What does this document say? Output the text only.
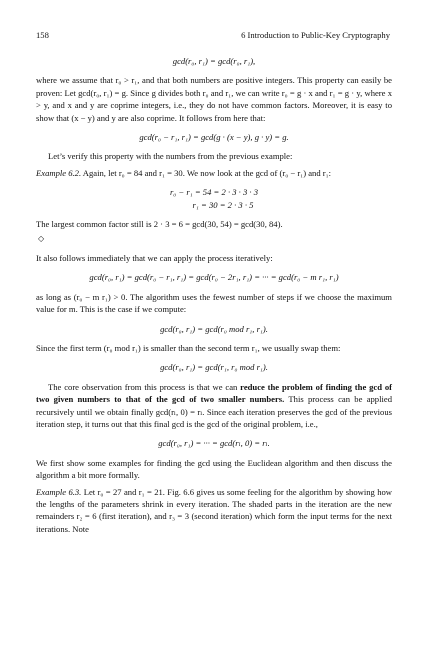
158	6 Introduction to Public-Key Cryptography
gcd(r₀, r₁) = gcd(r₀, r₁),

where we assume that r₀ > r₁, and that both numbers are positive integers. This property can easily be proven: Let gcd(r₀, r₁) = g. Since g divides both r₀ and r₁, we can write r₀ = g · x and r₁ = g · y, where x > y, and x and y are coprime integers, i.e., they do not have common factors. Moreover, it is easy to show that (x − y) and y are also coprime. It follows from here that:

gcd(r₀ − r₁, r₁) = gcd(g · (x − y), g · y) = g.

Let’s verify this property with the numbers from the previous example:

Example 6.2. Again, let r₀ = 84 and r₁ = 30. We now look at the gcd of (r₀ − r₁) and r₁:

r₀ − r₁ = 54 = 2 · 3 · 3 · 3
r₁ = 30 = 2 · 3 · 5

The largest common factor still is 2 · 3 = 6 = gcd(30, 54) = gcd(30, 84).

◇

It also follows immediately that we can apply the process iteratively:

gcd(r₀, r₁) = gcd(r₀ − r₁, r₁) = gcd(r₀ − 2r₁, r₁) = ··· = gcd(r₀ − m r₁, r₁)

as long as (r₀ − m r₁) > 0. The algorithm uses the fewest number of steps if we choose the maximum value for m. This is the case if we compute:

gcd(r₀, r₁) = gcd(r₀ mod r₁, r₁).

Since the first term (r₀ mod r₁) is smaller than the second term r₁, we usually swap them:

gcd(r₀, r₁) = gcd(r₁, r₀ mod r₁).

The core observation from this process is that we can reduce the problem of finding the gcd of two given numbers to that of the gcd of two smaller numbers. This process can be applied recursively until we obtain finally gcd(rₗ, 0) = rₗ. Since each iteration preserves the gcd of the previous iteration step, it turns out that this final gcd is the gcd of the original problem, i.e.,

gcd(r₀, r₁) = ··· = gcd(rₗ, 0) = rₗ.

We first show some examples for finding the gcd using the Euclidean algorithm and then discuss the algorithm a bit more formally.

Example 6.3. Let r₀ = 27 and r₁ = 21. Fig. 6.6 gives us some feeling for the algorithm by showing how the lengths of the parameters shrink in every iteration. The shaded parts in the iteration are the new remainders r₂ = 6 (first iteration), and r₃ = 3 (second iteration) which form the input terms for the next iterations. Note
